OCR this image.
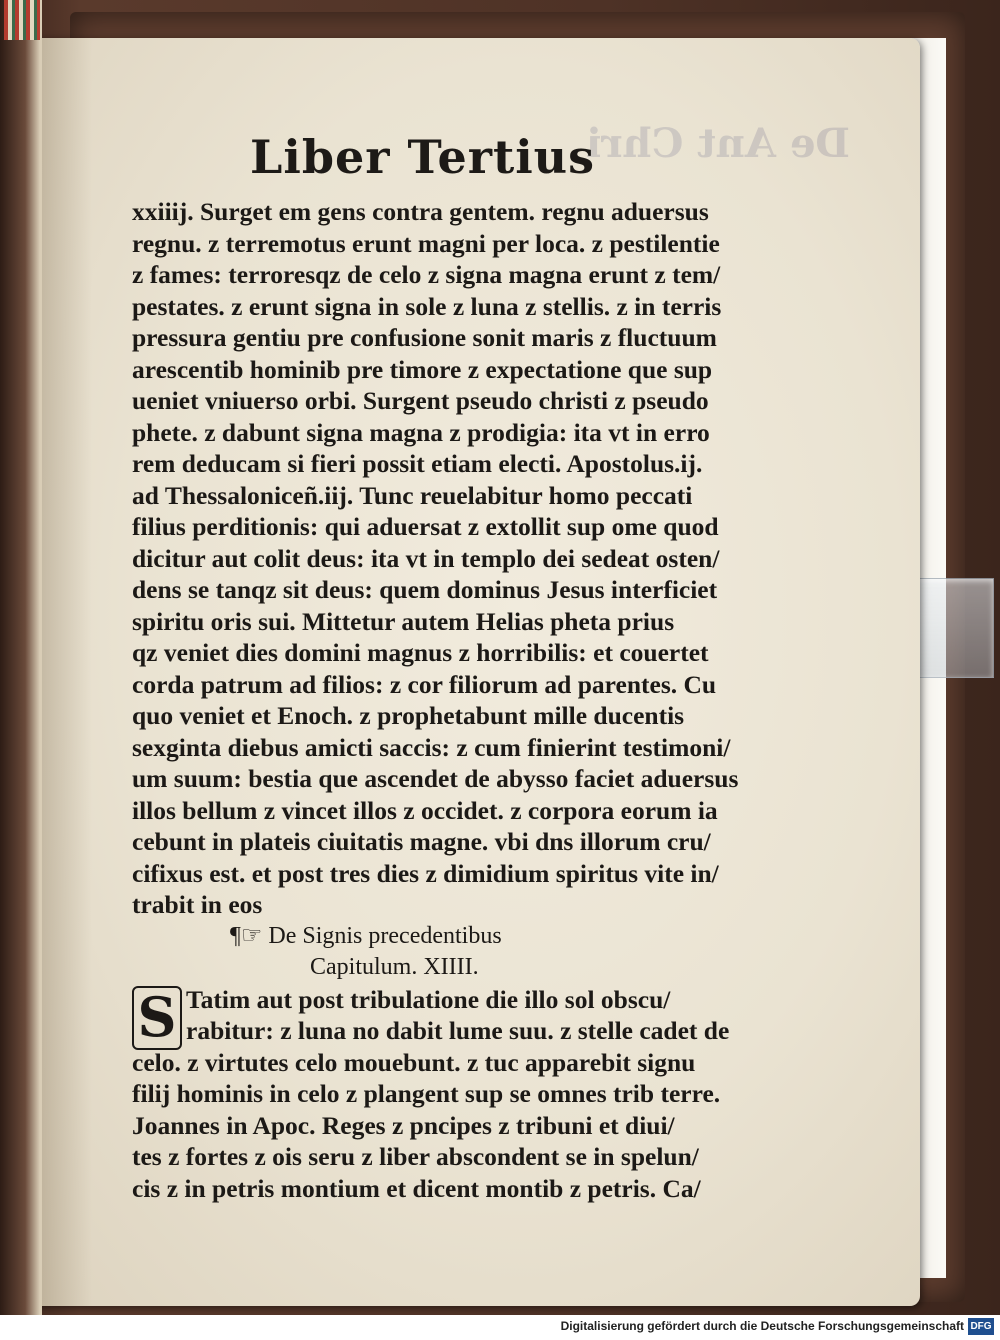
De Ant Chri
Liber Tertius
xxiiij. Surget em gens contra gentem. regnu aduersus
regnu. z terremotus erunt magni per loca. z pestilentie
z fames: terroresqz de celo z signa magna erunt z tem/
pestates. z erunt signa in sole z luna z stellis. z in terris
pressura gentiu pre confusione sonit maris z fluctuum
arescentib hominib pre timore z expectatione que sup
ueniet vniuerso orbi. Surgent pseudo christi z pseudo
phete. z dabunt signa magna z prodigia: ita vt in erro
rem deducam si fieri possit etiam electi. Apostolus.ij.
ad Thessaloniceñ.iij. Tunc reuelabitur homo peccati
filius perditionis: qui aduersat z extollit sup ome quod
dicitur aut colit deus: ita vt in templo dei sedeat osten/
dens se tanqz sit deus: quem dominus Jesus interficiet
spiritu oris sui. Mittetur autem Helias pheta prius
qz veniet dies domini magnus z horribilis: et couertet
corda patrum ad filios: z cor filiorum ad parentes. Cu
quo veniet et Enoch. z prophetabunt mille ducentis
sexginta diebus amicti saccis: z cum finierint testimoni/
um suum: bestia que ascendet de abysso faciet aduersus
illos bellum z vincet illos z occidet. z corpora eorum ia
cebunt in plateis ciuitatis magne. vbi dns illorum cru/
cifixus est. et post tres dies z dimidium spiritus vite in/
trabit in eos
¶☞ De Signis precedentibus
Capitulum. XIIII.
S Tatim aut post tribulatione die illo sol obscu/
rabitur: z luna no dabit lume suu. z stelle cadet de
celo. z virtutes celo mouebunt. z tuc apparebit signu
filij hominis in celo z plangent sup se omnes trib terre.
Joannes in Apoc. Reges z pncipes z tribuni et diui/
tes z fortes z ois seru z liber abscondent se in spelun/
cis z in petris montium et dicent montib z petris. Ca/
Digitalisierung gefördert durch die Deutsche Forschungsgemeinschaft DFG
